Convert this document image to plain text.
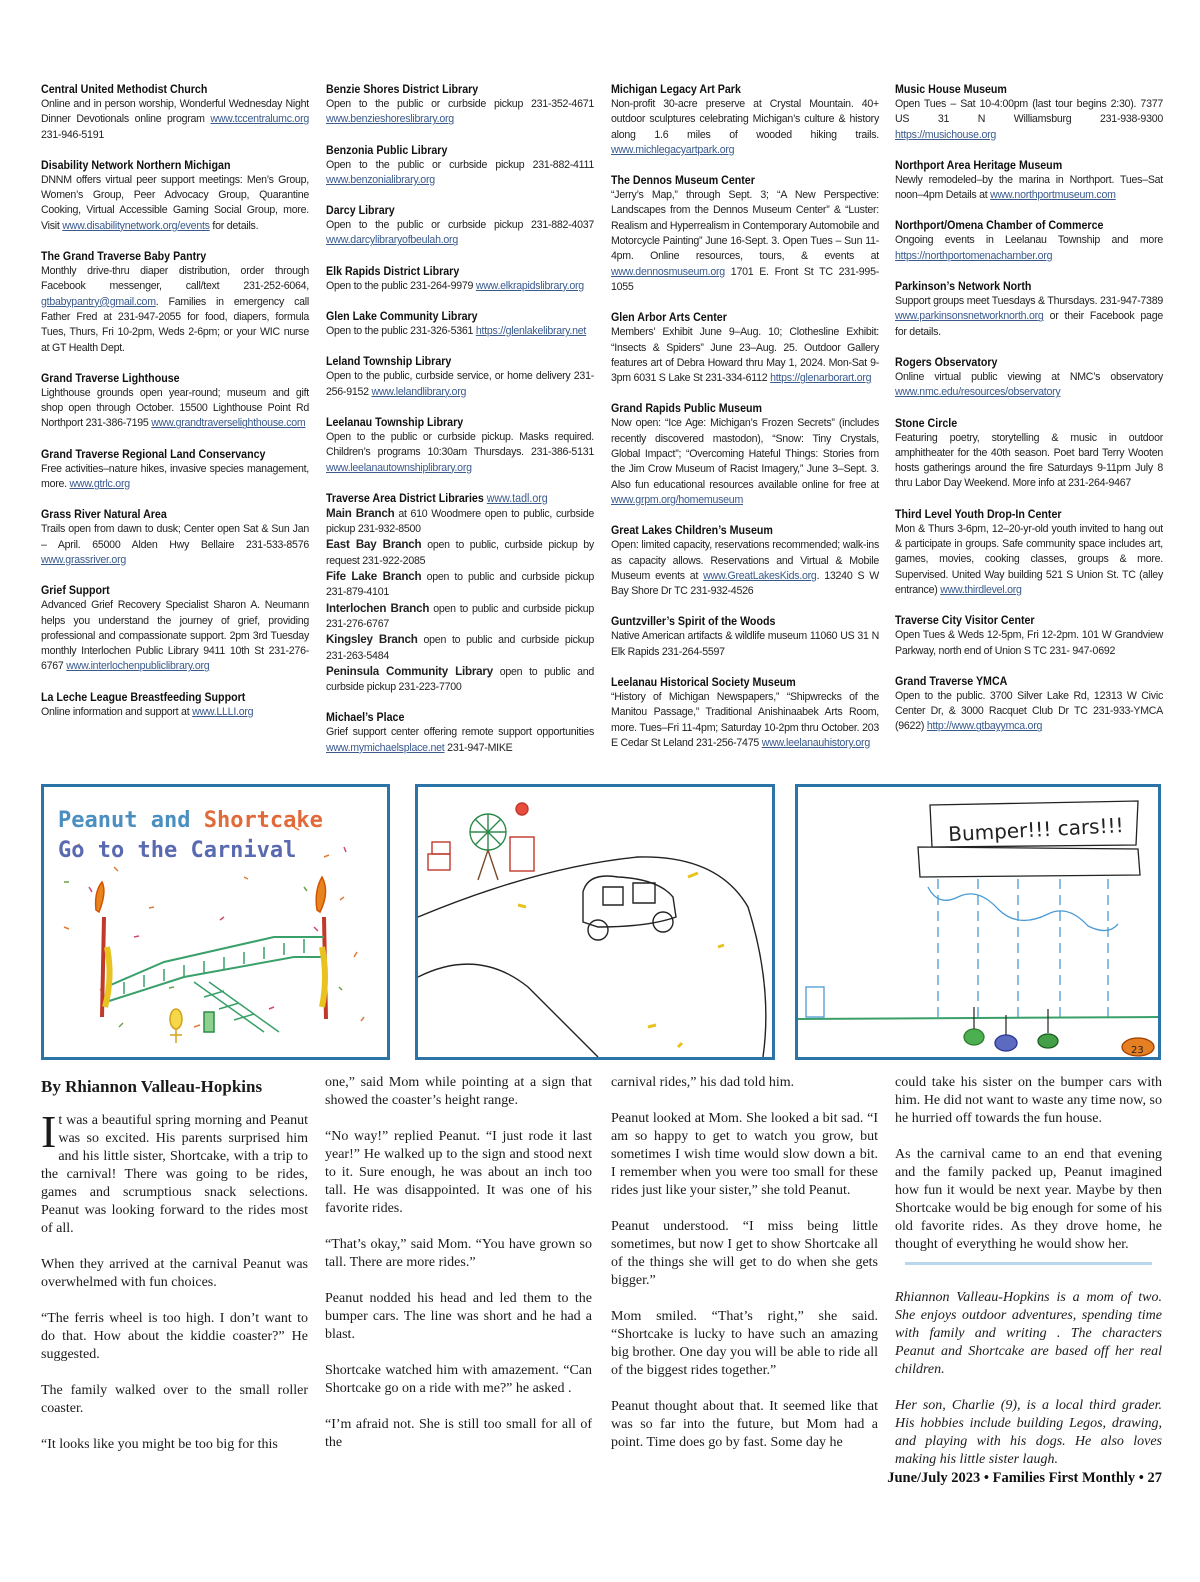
Central United Methodist Church
Online and in person worship, Wonderful Wednesday Night Dinner Devotionals online program www.tccentralumc.org 231-946-5191
Disability Network Northern Michigan
DNNM offers virtual peer support meetings: Men’s Group, Women’s Group, Peer Advocacy Group, Quarantine Cooking, Virtual Accessible Gaming Social Group, more. Visit www.disabilitynetwork.org/events for details.
The Grand Traverse Baby Pantry
Monthly drive-thru diaper distribution, order through Facebook messenger, call/text 231-252-6064, gtbabypantry@gmail.com. Families in emergency call Father Fred at 231-947-2055 for food, diapers, formula Tues, Thurs, Fri 10-2pm, Weds 2-6pm; or your WIC nurse at GT Health Dept.
Grand Traverse Lighthouse
Lighthouse grounds open year-round; museum and gift shop open through October. 15500 Lighthouse Point Rd Northport 231-386-7195 www.grandtraverselighthouse.com
Grand Traverse Regional Land Conservancy
Free activities–nature hikes, invasive species management, more. www.gtrlc.org
Grass River Natural Area
Trails open from dawn to dusk; Center open Sat & Sun Jan – April. 65000 Alden Hwy Bellaire 231-533-8576 www.grassriver.org
Grief Support
Advanced Grief Recovery Specialist Sharon A. Neumann helps you understand the journey of grief, providing professional and compassionate support. 2pm 3rd Tuesday monthly Interlochen Public Library 9411 10th St 231-276-6767 www.interlochenpubliclibrary.org
La Leche League Breastfeeding Support
Online information and support at www.LLLI.org
Benzie Shores District Library
Open to the public or curbside pickup 231-352-4671 www.benzieshoreslibrary.org
Benzonia Public Library
Open to the public or curbside pickup 231-882-4111 www.benzonialibrary.org
Darcy Library
Open to the public or curbside pickup 231-882-4037 www.darcylibraryofbeulah.org
Elk Rapids District Library
Open to the public 231-264-9979 www.elkrapidslibrary.org
Glen Lake Community Library
Open to the public 231-326-5361 https://glenlakelibrary.net
Leland Township Library
Open to the public, curbside service, or home delivery 231-256-9152 www.lelandlibrary.org
Leelanau Township Library
Open to the public or curbside pickup. Masks required. Children’s programs 10:30am Thursdays. 231-386-5131 www.leelanautownshiplibrary.org
Traverse Area District Libraries www.tadl.org
Main Branch at 610 Woodmere open to public, curbside pickup 231-932-8500
East Bay Branch open to public, curbside pickup by request 231-922-2085
Fife Lake Branch open to public and curbside pickup 231-879-4101
Interlochen Branch open to public and curbside pickup 231-276-6767
Kingsley Branch open to public and curbside pickup 231-263-5484
Peninsula Community Library open to public and curbside pickup 231-223-7700
Michael’s Place
Grief support center offering remote support opportunities www.mymichaelsplace.net 231-947-MIKE
Michigan Legacy Art Park
Non-profit 30-acre preserve at Crystal Mountain. 40+ outdoor sculptures celebrating Michigan’s culture & history along 1.6 miles of wooded hiking trails. www.michlegacyartpark.org
The Dennos Museum Center
“Jerry’s Map,” through Sept. 3; “A New Perspective: Landscapes from the Dennos Museum Center” & “Luster: Realism and Hyperrealism in Contemporary Automobile and Motorcycle Painting” June 16-Sept. 3. Open Tues – Sun 11-4pm. Online resources, tours, & events at www.dennosmuseum.org 1701 E. Front St TC 231-995-1055
Glen Arbor Arts Center
Members’ Exhibit June 9–Aug. 10; Clothesline Exhibit: “Insects & Spiders” June 23–Aug. 25. Outdoor Gallery features art of Debra Howard thru May 1, 2024. Mon-Sat 9-3pm 6031 S Lake St 231-334-6112 https://glenarborart.org
Grand Rapids Public Museum
Now open: “Ice Age: Michigan’s Frozen Secrets” (includes recently discovered mastodon), “Snow: Tiny Crystals, Global Impact”; “Overcoming Hateful Things: Stories from the Jim Crow Museum of Racist Imagery,” June 3–Sept. 3. Also fun educational resources available online for free at www.grpm.org/homemuseum
Great Lakes Children’s Museum
Open: limited capacity, reservations recommended; walk-ins as capacity allows. Reservations and Virtual & Mobile Museum events at www.GreatLakesKids.org. 13240 S W Bay Shore Dr TC 231-932-4526
Guntzviller’s Spirit of the Woods
Native American artifacts & wildlife museum 11060 US 31 N Elk Rapids 231-264-5597
Leelanau Historical Society Museum
“History of Michigan Newspapers,” “Shipwrecks of the Manitou Passage,” Traditional Anishinaabek Arts Room, more. Tues–Fri 11-4pm; Saturday 10-2pm thru October. 203 E Cedar St Leland 231-256-7475 www.leelanauhistory.org
Music House Museum
Open Tues – Sat 10-4:00pm (last tour begins 2:30). 7377 US 31 N Williamsburg 231-938-9300 https://musichouse.org
Northport Area Heritage Museum
Newly remodeled–by the marina in Northport. Tues–Sat noon–4pm Details at www.northportmuseum.com
Northport/Omena Chamber of Commerce
Ongoing events in Leelanau Township and more https://northportomenachamber.org
Parkinson’s Network North
Support groups meet Tuesdays & Thursdays. 231-947-7389 www.parkinsonsnetworknorth.org or their Facebook page for details.
Rogers Observatory
Online virtual public viewing at NMC’s observatory www.nmc.edu/resources/observatory
Stone Circle
Featuring poetry, storytelling & music in outdoor amphitheater for the 40th season. Poet bard Terry Wooten hosts gatherings around the fire Saturdays 9-11pm July 8 thru Labor Day Weekend. More info at 231-264-9467
Third Level Youth Drop-In Center
Mon & Thurs 3-6pm, 12–20-yr-old youth invited to hang out & participate in groups. Safe community space includes art, games, movies, cooking classes, groups & more. Supervised. United Way building 521 S Union St. TC (alley entrance) www.thirdlevel.org
Traverse City Visitor Center
Open Tues & Weds 12-5pm, Fri 12-2pm. 101 W Grandview Parkway, north end of Union S TC 231- 947-0692
Grand Traverse YMCA
Open to the public. 3700 Silver Lake Rd, 12313 W Civic Center Dr, & 3000 Racquet Club Dr TC 231-933-YMCA (9622) http://www.gtbayymca.org
Peanut and Shortcake
Go to the Carnival
Bumper!!! cars!!!
23
By Rhiannon Valleau-Hopkins

It was a beautiful spring morning and Peanut was so excited. His parents surprised him and his little sister, Shortcake, with a trip to the carnival! There was going to be rides, games and scrumptious snack selections. Peanut was looking forward to the rides most of all.

When they arrived at the carnival Peanut was overwhelmed with fun choices.

“The ferris wheel is too high. I don’t want to do that. How about the kiddie coaster?” He suggested.

The family walked over to the small roller coaster.

“It looks like you might be too big for this

one,” said Mom while pointing at a sign that showed the coaster’s height range.

“No way!” replied Peanut. “I just rode it last year!” He walked up to the sign and stood next to it. Sure enough, he was about an inch too tall. He was disappointed. It was one of his favorite rides.

“That’s okay,” said Mom. “You have grown so tall. There are more rides.”

Peanut nodded his head and led them to the bumper cars. The line was short and he had a blast.

Shortcake watched him with amazement. “Can Shortcake go on a ride with me?” he asked .

“I’m afraid not. She is still too small for all of the

carnival rides,” his dad told him.

Peanut looked at Mom. She looked a bit sad. “I am so happy to get to watch you grow, but sometimes I wish time would slow down a bit. I remember when you were too small for these rides just like your sister,” she told Peanut.

Peanut understood. “I miss being little sometimes, but now I get to show Shortcake all of the things she will get to do when she gets bigger.”

Mom smiled. “That’s right,” she said. “Shortcake is lucky to have such an amazing big brother. One day you will be able to ride all of the biggest rides together.”

Peanut thought about that. It seemed like that was so far into the future, but Mom had a point. Time does go by fast. Some day he

could take his sister on the bumper cars with him. He did not want to waste any time now, so he hurried off towards the fun house.

As the carnival came to an end that evening and the family packed up, Peanut imagined how fun it would be next year. Maybe by then Shortcake would be big enough for some of his old favorite rides. As they drove home, he thought of everything he would show her.

Rhiannon Valleau-Hopkins is a mom of two. She enjoys outdoor adventures, spending time with family and writing . The characters Peanut and Shortcake are based off her real children.

Her son, Charlie (9), is a local third grader. His hobbies include building Legos, drawing, and playing with his dogs. He also loves making his little sister laugh.

June/July 2023 • Families First Monthly • 27
